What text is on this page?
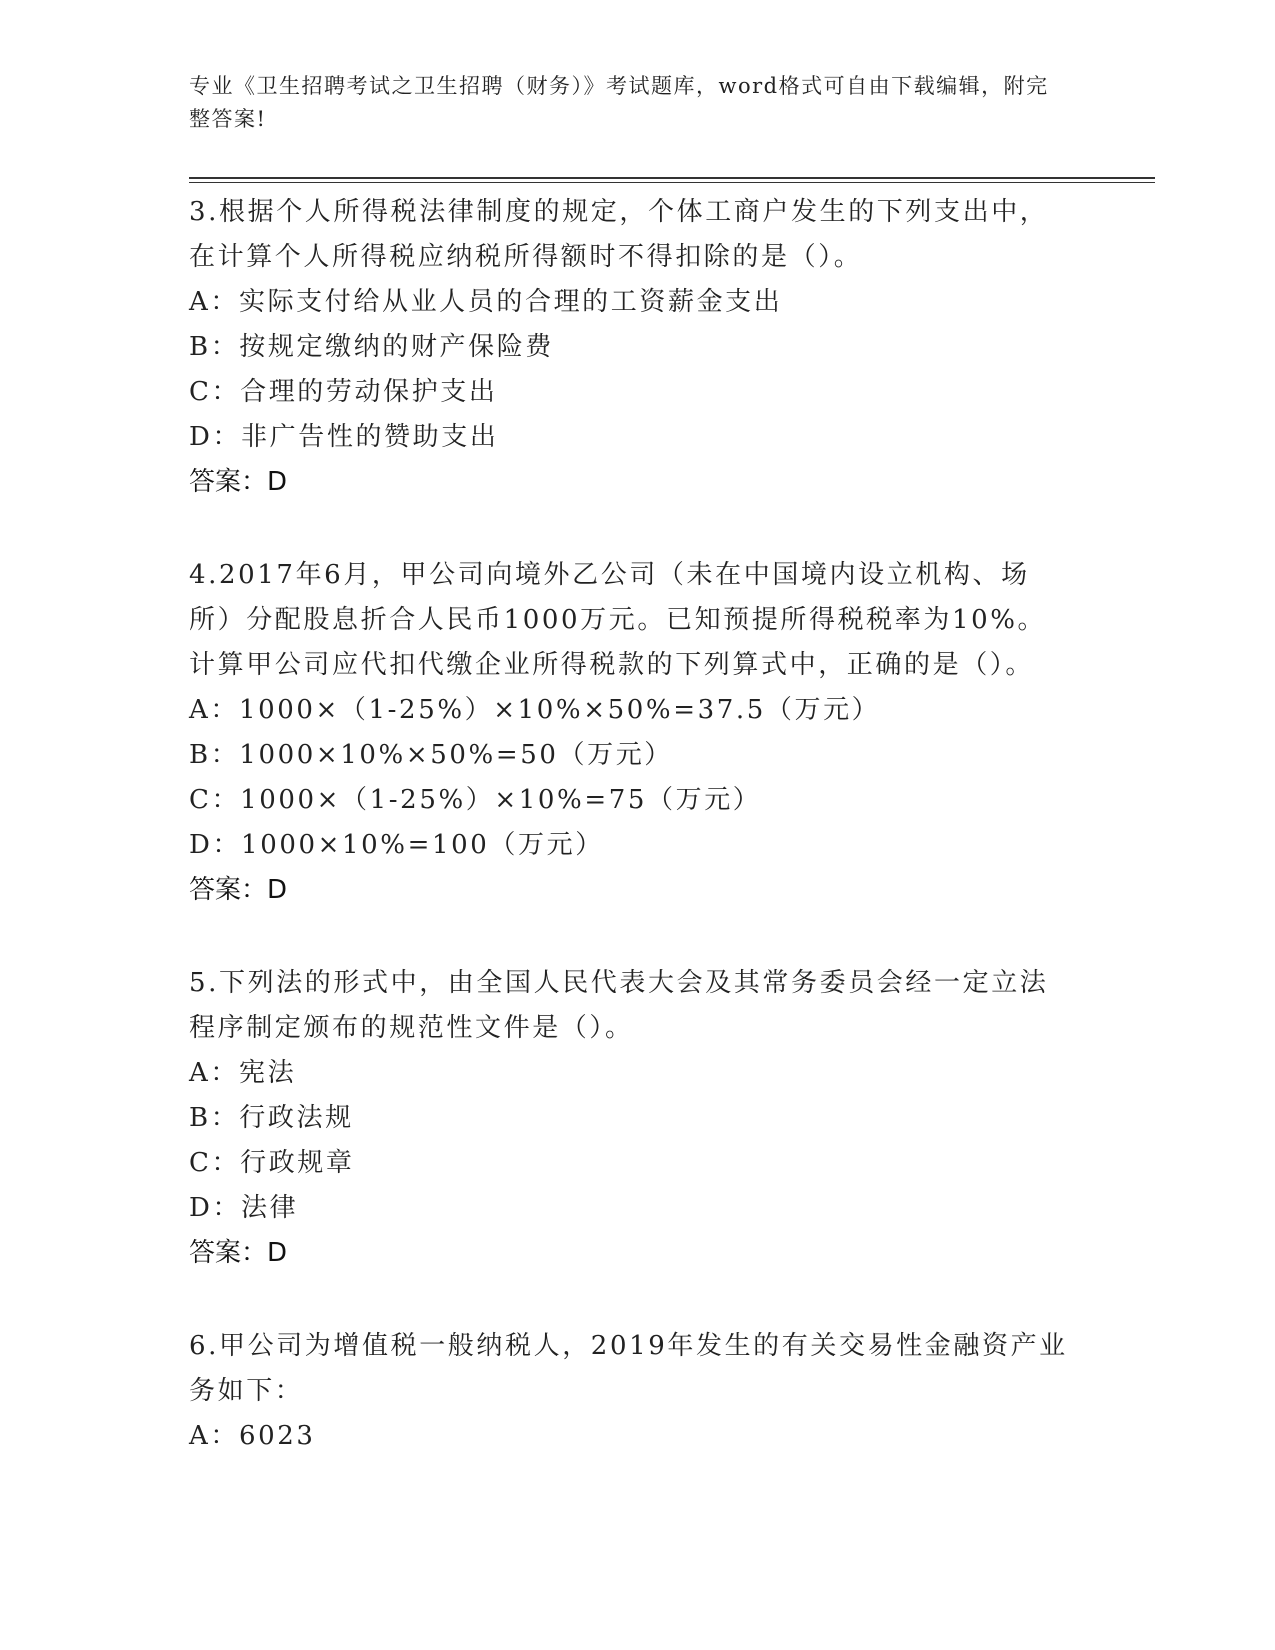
专业《卫生招聘考试之卫生招聘（财务）》考试题库，word格式可自由下载编辑，附完整答案!

3.根据个人所得税法律制度的规定，个体工商户发生的下列支出中，在计算个人所得税应纳税所得额时不得扣除的是（）。

A：实际支付给从业人员的合理的工资薪金支出

B：按规定缴纳的财产保险费

C：合理的劳动保护支出

D：非广告性的赞助支出

答案：D

4.2017年6月，甲公司向境外乙公司（未在中国境内设立机构、场所）分配股息折合人民币1000万元。已知预提所得税税率为10%。计算甲公司应代扣代缴企业所得税款的下列算式中，正确的是（）。

A：1000×（1-25%）×10%×50%=37.5（万元）

B：1000×10%×50%=50（万元）

C：1000×（1-25%）×10%=75（万元）

D：1000×10%=100（万元）

答案：D

5.下列法的形式中，由全国人民代表大会及其常务委员会经一定立法程序制定颁布的规范性文件是（）。

A：宪法

B：行政法规

C：行政规章

D：法律

答案：D

6.甲公司为增值税一般纳税人，2019年发生的有关交易性金融资产业务如下：

A：6023
